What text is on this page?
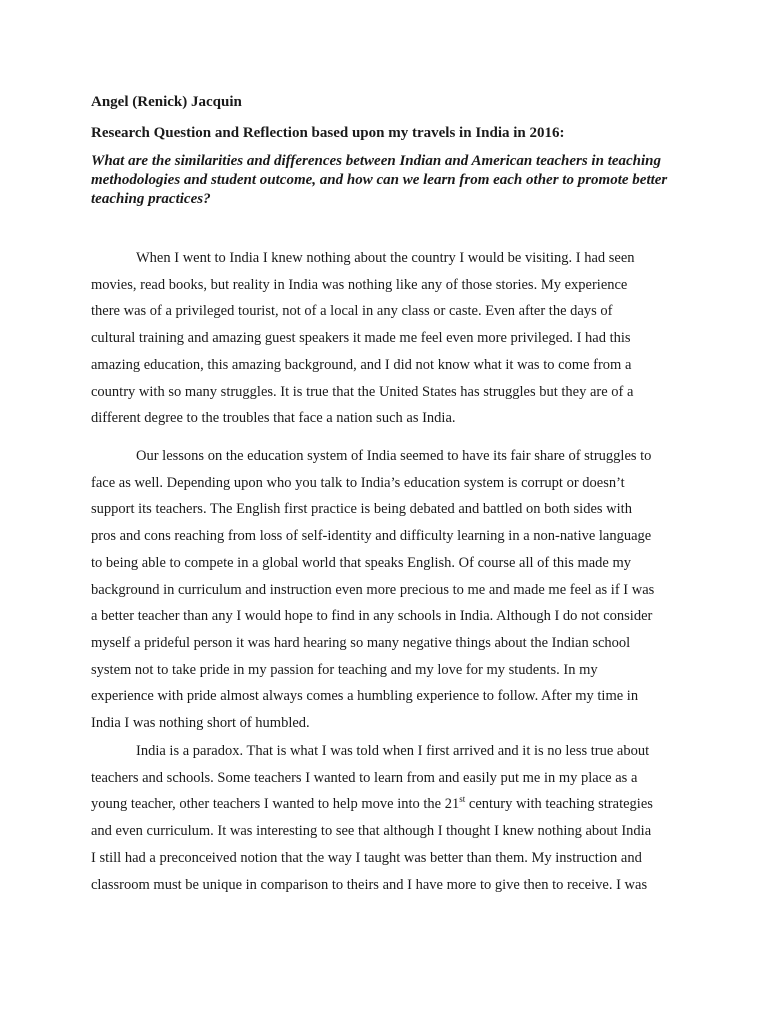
Angel (Renick) Jacquin
Research Question and Reflection based upon my travels in India in 2016:
What are the similarities and differences between Indian and American teachers in teaching
methodologies and student outcome, and how can we learn from each other to promote better
teaching practices?
When I went to India I knew nothing about the country I would be visiting. I had seen
movies, read books, but reality in India was nothing like any of those stories. My experience
there was of a privileged tourist, not of a local in any class or caste. Even after the days of
cultural training and amazing guest speakers it made me feel even more privileged. I had this
amazing education, this amazing background, and I did not know what it was to come from a
country with so many struggles. It is true that the United States has struggles but they are of a
different degree to the troubles that face a nation such as India.
Our lessons on the education system of India seemed to have its fair share of struggles to
face as well. Depending upon who you talk to India’s education system is corrupt or doesn’t
support its teachers. The English first practice is being debated and battled on both sides with
pros and cons reaching from loss of self-identity and difficulty learning in a non-native language
to being able to compete in a global world that speaks English. Of course all of this made my
background in curriculum and instruction even more precious to me and made me feel as if I was
a better teacher than any I would hope to find in any schools in India. Although I do not consider
myself a prideful person it was hard hearing so many negative things about the Indian school
system not to take pride in my passion for teaching and my love for my students. In my
experience with pride almost always comes a humbling experience to follow. After my time in
India I was nothing short of humbled.
India is a paradox. That is what I was told when I first arrived and it is no less true about
teachers and schools. Some teachers I wanted to learn from and easily put me in my place as a
young teacher, other teachers I wanted to help move into the 21st century with teaching strategies
and even curriculum. It was interesting to see that although I thought I knew nothing about India
I still had a preconceived notion that the way I taught was better than them. My instruction and
classroom must be unique in comparison to theirs and I have more to give then to receive. I was
